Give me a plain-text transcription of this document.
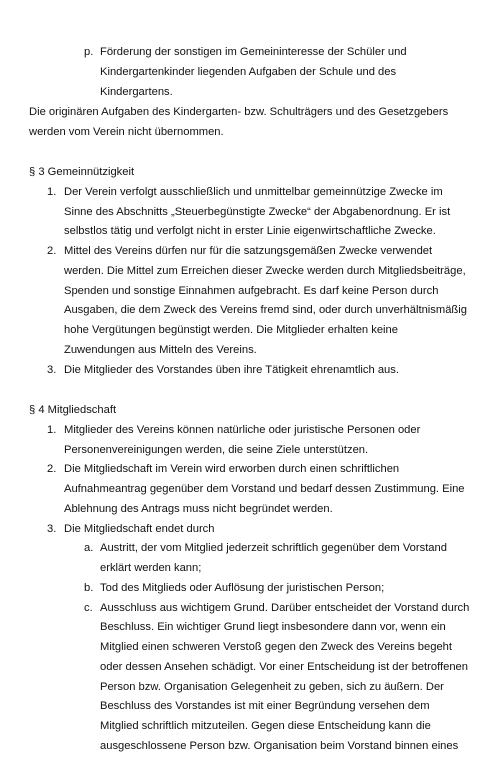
p. Förderung der sonstigen im Gemeininteresse der Schüler und
Kindergartenkinder liegenden Aufgaben der Schule und des
Kindergartens.
Die originären Aufgaben des Kindergarten- bzw. Schulträgers und des Gesetzgebers
werden vom Verein nicht übernommen.

§ 3 Gemeinnützigkeit

1. Der Verein verfolgt ausschließlich und unmittelbar gemeinnützige Zwecke im
Sinne des Abschnitts „Steuerbegünstigte Zwecke“ der Abgabenordnung. Er ist
selbstlos tätig und verfolgt nicht in erster Linie eigenwirtschaftliche Zwecke.
2. Mittel des Vereins dürfen nur für die satzungsgemäßen Zwecke verwendet
werden. Die Mittel zum Erreichen dieser Zwecke werden durch Mitgliedsbeiträge,
Spenden und sonstige Einnahmen aufgebracht. Es darf keine Person durch
Ausgaben, die dem Zweck des Vereins fremd sind, oder durch unverhältnismäßig
hohe Vergütungen begünstigt werden. Die Mitglieder erhalten keine
Zuwendungen aus Mitteln des Vereins.
3. Die Mitglieder des Vorstandes üben ihre Tätigkeit ehrenamtlich aus.

§ 4 Mitgliedschaft

1. Mitglieder des Vereins können natürliche oder juristische Personen oder
Personenvereinigungen werden, die seine Ziele unterstützen.
2. Die Mitgliedschaft im Verein wird erworben durch einen schriftlichen
Aufnahmeantrag gegenüber dem Vorstand und bedarf dessen Zustimmung. Eine
Ablehnung des Antrags muss nicht begründet werden.
3. Die Mitgliedschaft endet durch
a. Austritt, der vom Mitglied jederzeit schriftlich gegenüber dem Vorstand
erklärt werden kann;
b. Tod des Mitglieds oder Auflösung der juristischen Person;
c. Ausschluss aus wichtigem Grund. Darüber entscheidet der Vorstand durch
Beschluss. Ein wichtiger Grund liegt insbesondere dann vor, wenn ein
Mitglied einen schweren Verstoß gegen den Zweck des Vereins begeht
oder dessen Ansehen schädigt. Vor einer Entscheidung ist der betroffenen
Person bzw. Organisation Gelegenheit zu geben, sich zu äußern. Der
Beschluss des Vorstandes ist mit einer Begründung versehen dem
Mitglied schriftlich mitzuteilen. Gegen diese Entscheidung kann die
ausgeschlossene Person bzw. Organisation beim Vorstand binnen eines
